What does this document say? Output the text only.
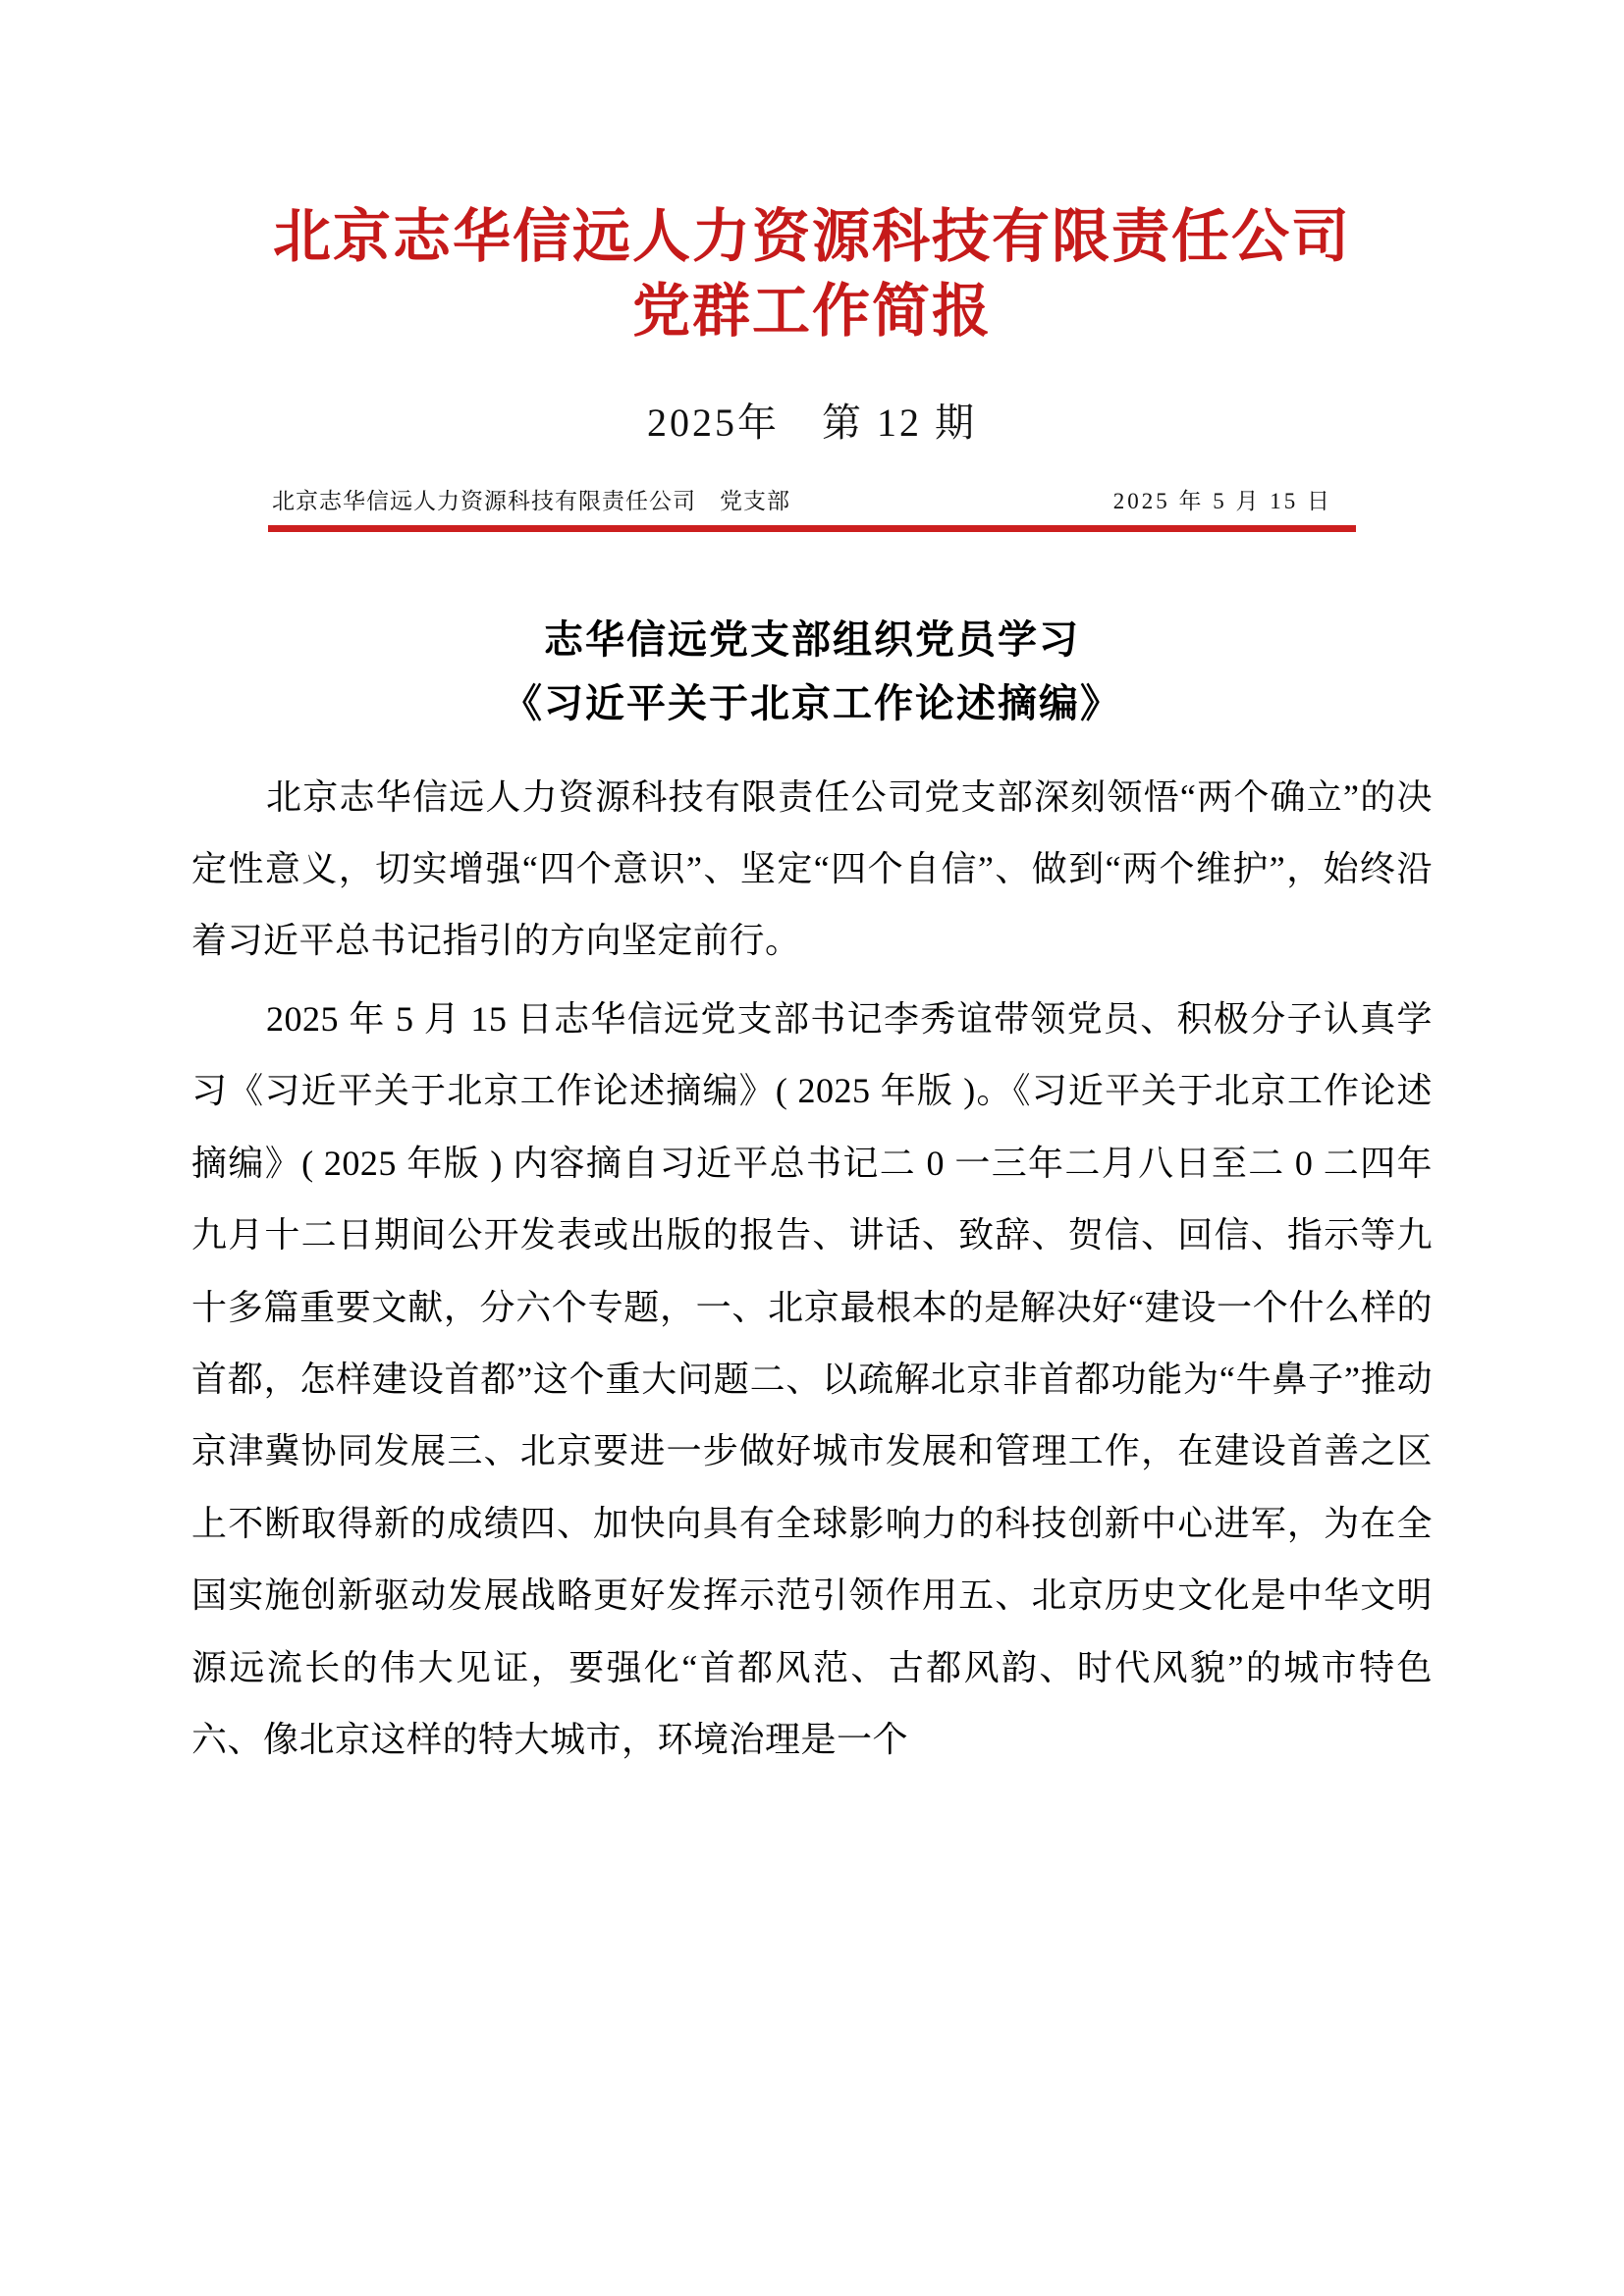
北京志华信远人力资源科技有限责任公司
党群工作简报
2025年　第 12 期
北京志华信远人力资源科技有限责任公司　党支部	2025 年 5 月 15 日
志华信远党支部组织党员学习
《习近平关于北京工作论述摘编》

北京志华信远人力资源科技有限责任公司党支部深刻领悟“两个确立”的决定性意义，切实增强“四个意识”、坚定“四个自信”、做到“两个维护”，始终沿着习近平总书记指引的方向坚定前行。

2025 年 5 月 15 日志华信远党支部书记李秀谊带领党员、积极分子认真学习《习近平关于北京工作论述摘编》( 2025 年版 )。《习近平关于北京工作论述摘编》( 2025 年版 ) 内容摘自习近平总书记二 0 一三年二月八日至二 0 二四年九月十二日期间公开发表或出版的报告、讲话、致辞、贺信、回信、指示等九十多篇重要文献，分六个专题，一、北京最根本的是解决好“建设一个什么样的首都，怎样建设首都”这个重大问题二、以疏解北京非首都功能为“牛鼻子”推动京津冀协同发展三、北京要进一步做好城市发展和管理工作，在建设首善之区上不断取得新的成绩四、加快向具有全球影响力的科技创新中心进军，为在全国实施创新驱动发展战略更好发挥示范引领作用五、北京历史文化是中华文明源远流长的伟大见证，要强化“首都风范、古都风韵、时代风貌”的城市特色六、像北京这样的特大城市，环境治理是一个
